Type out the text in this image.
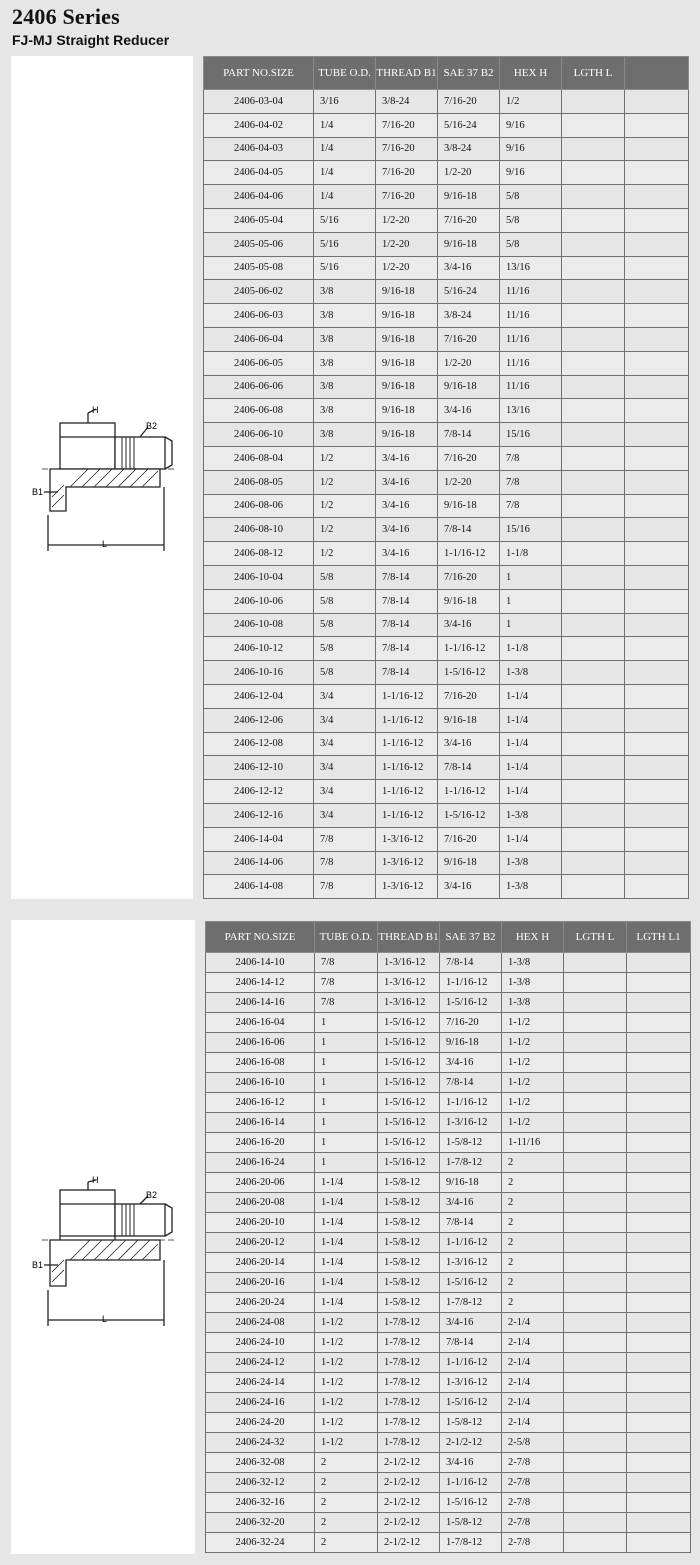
2406 Series
FJ-MJ Straight Reducer
H
B2
B1
L
PART NO.SIZE	TUBE O.D.	THREAD B1	SAE 37 B2	HEX H	LGTH L	
2406-03-04	3/16	3/8-24	7/16-20	1/2		
2406-04-02	1/4	7/16-20	5/16-24	9/16		
2406-04-03	1/4	7/16-20	3/8-24	9/16		
2406-04-05	1/4	7/16-20	1/2-20	9/16		
2406-04-06	1/4	7/16-20	9/16-18	5/8		
2406-05-04	5/16	1/2-20	7/16-20	5/8		
2405-05-06	5/16	1/2-20	9/16-18	5/8		
2405-05-08	5/16	1/2-20	3/4-16	13/16		
2405-06-02	3/8	9/16-18	5/16-24	11/16		
2406-06-03	3/8	9/16-18	3/8-24	11/16		
2406-06-04	3/8	9/16-18	7/16-20	11/16		
2406-06-05	3/8	9/16-18	1/2-20	11/16		
2406-06-06	3/8	9/16-18	9/16-18	11/16		
2406-06-08	3/8	9/16-18	3/4-16	13/16		
2406-06-10	3/8	9/16-18	7/8-14	15/16		
2406-08-04	1/2	3/4-16	7/16-20	7/8		
2406-08-05	1/2	3/4-16	1/2-20	7/8		
2406-08-06	1/2	3/4-16	9/16-18	7/8		
2406-08-10	1/2	3/4-16	7/8-14	15/16		
2406-08-12	1/2	3/4-16	1-1/16-12	1-1/8		
2406-10-04	5/8	7/8-14	7/16-20	1		
2406-10-06	5/8	7/8-14	9/16-18	1		
2406-10-08	5/8	7/8-14	3/4-16	1		
2406-10-12	5/8	7/8-14	1-1/16-12	1-1/8		
2406-10-16	5/8	7/8-14	1-5/16-12	1-3/8		
2406-12-04	3/4	1-1/16-12	7/16-20	1-1/4		
2406-12-06	3/4	1-1/16-12	9/16-18	1-1/4		
2406-12-08	3/4	1-1/16-12	3/4-16	1-1/4		
2406-12-10	3/4	1-1/16-12	7/8-14	1-1/4		
2406-12-12	3/4	1-1/16-12	1-1/16-12	1-1/4		
2406-12-16	3/4	1-1/16-12	1-5/16-12	1-3/8		
2406-14-04	7/8	1-3/16-12	7/16-20	1-1/4		
2406-14-06	7/8	1-3/16-12	9/16-18	1-3/8		
2406-14-08	7/8	1-3/16-12	3/4-16	1-3/8		
H
B2
B1
L
PART NO.SIZE	TUBE O.D.	THREAD B1	SAE 37 B2	HEX H	LGTH L	LGTH L1
2406-14-10	7/8	1-3/16-12	7/8-14	1-3/8		
2406-14-12	7/8	1-3/16-12	1-1/16-12	1-3/8		
2406-14-16	7/8	1-3/16-12	1-5/16-12	1-3/8		
2406-16-04	1	1-5/16-12	7/16-20	1-1/2		
2406-16-06	1	1-5/16-12	9/16-18	1-1/2		
2406-16-08	1	1-5/16-12	3/4-16	1-1/2		
2406-16-10	1	1-5/16-12	7/8-14	1-1/2		
2406-16-12	1	1-5/16-12	1-1/16-12	1-1/2		
2406-16-14	1	1-5/16-12	1-3/16-12	1-1/2		
2406-16-20	1	1-5/16-12	1-5/8-12	1-11/16		
2406-16-24	1	1-5/16-12	1-7/8-12	2		
2406-20-06	1-1/4	1-5/8-12	9/16-18	2		
2406-20-08	1-1/4	1-5/8-12	3/4-16	2		
2406-20-10	1-1/4	1-5/8-12	7/8-14	2		
2406-20-12	1-1/4	1-5/8-12	1-1/16-12	2		
2406-20-14	1-1/4	1-5/8-12	1-3/16-12	2		
2406-20-16	1-1/4	1-5/8-12	1-5/16-12	2		
2406-20-24	1-1/4	1-5/8-12	1-7/8-12	2		
2406-24-08	1-1/2	1-7/8-12	3/4-16	2-1/4		
2406-24-10	1-1/2	1-7/8-12	7/8-14	2-1/4		
2406-24-12	1-1/2	1-7/8-12	1-1/16-12	2-1/4		
2406-24-14	1-1/2	1-7/8-12	1-3/16-12	2-1/4		
2406-24-16	1-1/2	1-7/8-12	1-5/16-12	2-1/4		
2406-24-20	1-1/2	1-7/8-12	1-5/8-12	2-1/4		
2406-24-32	1-1/2	1-7/8-12	2-1/2-12	2-5/8		
2406-32-08	2	2-1/2-12	3/4-16	2-7/8		
2406-32-12	2	2-1/2-12	1-1/16-12	2-7/8		
2406-32-16	2	2-1/2-12	1-5/16-12	2-7/8		
2406-32-20	2	2-1/2-12	1-5/8-12	2-7/8		
2406-32-24	2	2-1/2-12	1-7/8-12	2-7/8		
